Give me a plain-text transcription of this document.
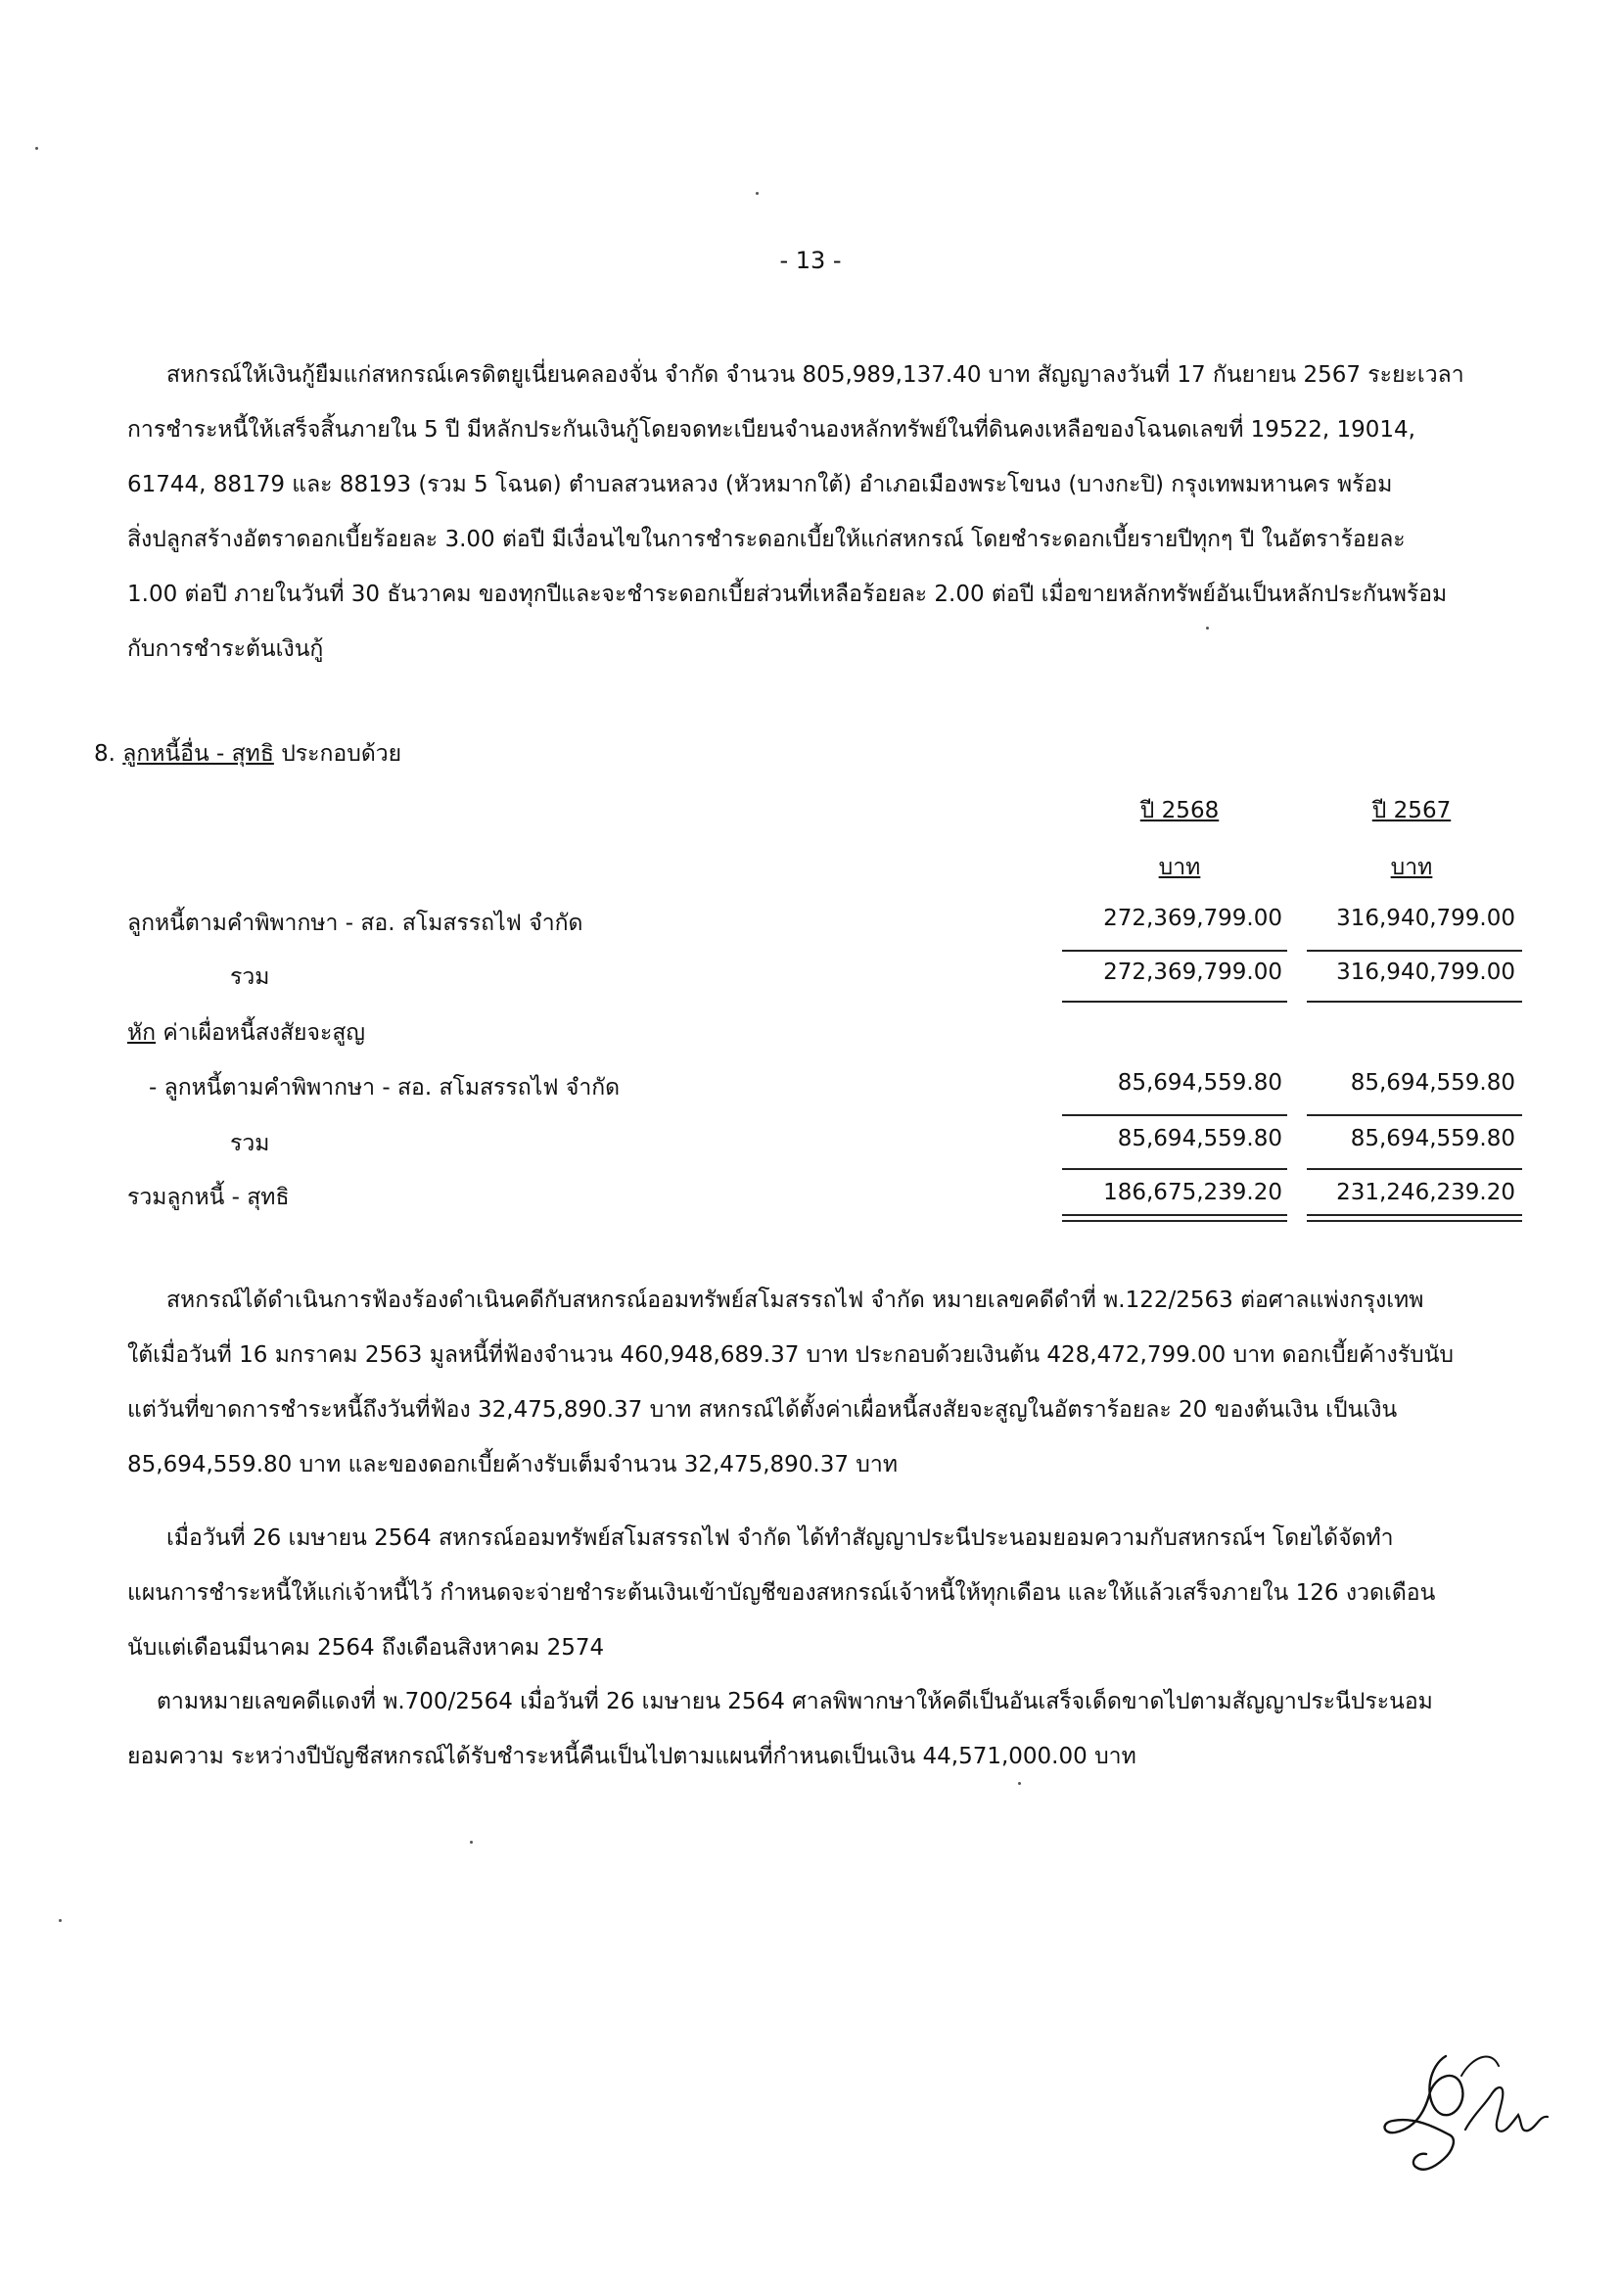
- 13 -

สหกรณ์ให้เงินกู้ยืมแก่สหกรณ์เครดิตยูเนี่ยนคลองจั่น จำกัด จำนวน 805,989,137.40 บาท สัญญาลงวันที่ 17 กันยายน 2567 ระยะเวลา
การชำระหนี้ให้เสร็จสิ้นภายใน 5 ปี มีหลักประกันเงินกู้โดยจดทะเบียนจำนองหลักทรัพย์ในที่ดินคงเหลือของโฉนดเลขที่ 19522, 19014,
61744, 88179 และ 88193 (รวม 5 โฉนด) ตำบลสวนหลวง (หัวหมากใต้) อำเภอเมืองพระโขนง (บางกะปิ) กรุงเทพมหานคร พร้อม
สิ่งปลูกสร้างอัตราดอกเบี้ยร้อยละ 3.00 ต่อปี มีเงื่อนไขในการชำระดอกเบี้ยให้แก่สหกรณ์ โดยชำระดอกเบี้ยรายปีทุกๆ ปี ในอัตราร้อยละ
1.00 ต่อปี ภายในวันที่ 30 ธันวาคม ของทุกปีและจะชำระดอกเบี้ยส่วนที่เหลือร้อยละ 2.00 ต่อปี เมื่อขายหลักทรัพย์อันเป็นหลักประกันพร้อม
กับการชำระต้นเงินกู้

8. ลูกหนี้อื่น - สุทธิ ประกอบด้วย
ปี 2568	ปี 2567
บาท	บาท
ลูกหนี้ตามคำพิพากษา - สอ. สโมสรรถไฟ จำกัด	272,369,799.00 316,940,799.00
รวม	272,369,799.00 316,940,799.00
หัก ค่าเผื่อหนี้สงสัยจะสูญ
- ลูกหนี้ตามคำพิพากษา - สอ. สโมสรรถไฟ จำกัด	85,694,559.80	85,694,559.80
รวม	85,694,559.80	85,694,559.80
รวมลูกหนี้ - สุทธิ	186,675,239.20 231,246,239.20

สหกรณ์ได้ดำเนินการฟ้องร้องดำเนินคดีกับสหกรณ์ออมทรัพย์สโมสรรถไฟ จำกัด หมายเลขคดีดำที่ พ.122/2563 ต่อศาลแพ่งกรุงเทพ
ใต้เมื่อวันที่ 16 มกราคม 2563 มูลหนี้ที่ฟ้องจำนวน 460,948,689.37 บาท ประกอบด้วยเงินต้น 428,472,799.00 บาท ดอกเบี้ยค้างรับนับ
แต่วันที่ขาดการชำระหนี้ถึงวันที่ฟ้อง 32,475,890.37 บาท สหกรณ์ได้ตั้งค่าเผื่อหนี้สงสัยจะสูญในอัตราร้อยละ 20 ของต้นเงิน เป็นเงิน
85,694,559.80 บาท และของดอกเบี้ยค้างรับเต็มจำนวน 32,475,890.37 บาท

เมื่อวันที่ 26 เมษายน 2564 สหกรณ์ออมทรัพย์สโมสรรถไฟ จำกัด ได้ทำสัญญาประนีประนอมยอมความกับสหกรณ์ฯ โดยได้จัดทำ
แผนการชำระหนี้ให้แก่เจ้าหนี้ไว้ กำหนดจะจ่ายชำระต้นเงินเข้าบัญชีของสหกรณ์เจ้าหนี้ให้ทุกเดือน และให้แล้วเสร็จภายใน 126 งวดเดือน
นับแต่เดือนมีนาคม 2564 ถึงเดือนสิงหาคม 2574

ตามหมายเลขคดีแดงที่ พ.700/2564 เมื่อวันที่ 26 เมษายน 2564 ศาลพิพากษาให้คดีเป็นอันเสร็จเด็ดขาดไปตามสัญญาประนีประนอม
ยอมความ ระหว่างปีบัญชีสหกรณ์ได้รับชำระหนี้คืนเป็นไปตามแผนที่กำหนดเป็นเงิน 44,571,000.00 บาท
